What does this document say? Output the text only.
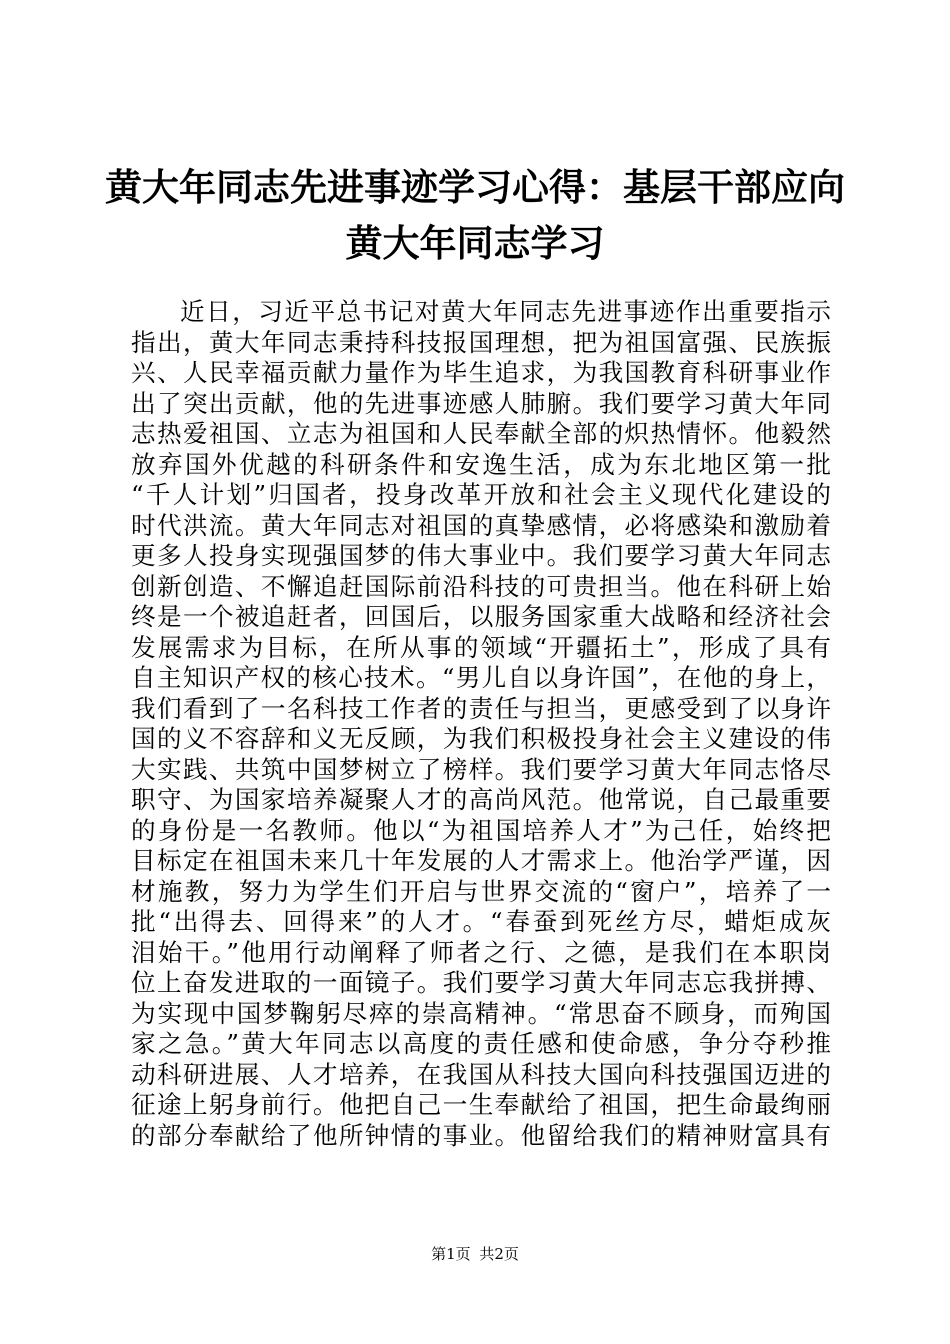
黄大年同志先进事迹学习心得：基层干部应向
黄大年同志学习
近日，习近平总书记对黄大年同志先进事迹作出重要指示
指出，黄大年同志秉持科技报国理想，把为祖国富强、民族振
兴、人民幸福贡献力量作为毕生追求，为我国教育科研事业作
出了突出贡献，他的先进事迹感人肺腑。我们要学习黄大年同
志热爱祖国、立志为祖国和人民奉献全部的炽热情怀。他毅然
放弃国外优越的科研条件和安逸生活，成为东北地区第一批
“千人计划”归国者，投身改革开放和社会主义现代化建设的
时代洪流。黄大年同志对祖国的真挚感情，必将感染和激励着
更多人投身实现强国梦的伟大事业中。我们要学习黄大年同志
创新创造、不懈追赶国际前沿科技的可贵担当。他在科研上始
终是一个被追赶者，回国后，以服务国家重大战略和经济社会
发展需求为目标，在所从事的领域“开疆拓土”，形成了具有
自主知识产权的核心技术。“男儿自以身许国”，在他的身上，
我们看到了一名科技工作者的责任与担当，更感受到了以身许
国的义不容辞和义无反顾，为我们积极投身社会主义建设的伟
大实践、共筑中国梦树立了榜样。我们要学习黄大年同志恪尽
职守、为国家培养凝聚人才的高尚风范。他常说，自己最重要
的身份是一名教师。他以“为祖国培养人才”为己任，始终把
目标定在祖国未来几十年发展的人才需求上。他治学严谨，因
材施教，努力为学生们开启与世界交流的“窗户”，培养了一
批“出得去、回得来”的人才。“春蚕到死丝方尽，蜡炬成灰
泪始干。”他用行动阐释了师者之行、之德，是我们在本职岗
位上奋发进取的一面镜子。我们要学习黄大年同志忘我拼搏、
为实现中国梦鞠躬尽瘁的崇高精神。“常思奋不顾身，而殉国
家之急。”黄大年同志以高度的责任感和使命感，争分夺秒推
动科研进展、人才培养，在我国从科技大国向科技强国迈进的
征途上躬身前行。他把自己一生奉献给了祖国，把生命最绚丽
的部分奉献给了他所钟情的事业。他留给我们的精神财富具有
第1页 共2页
